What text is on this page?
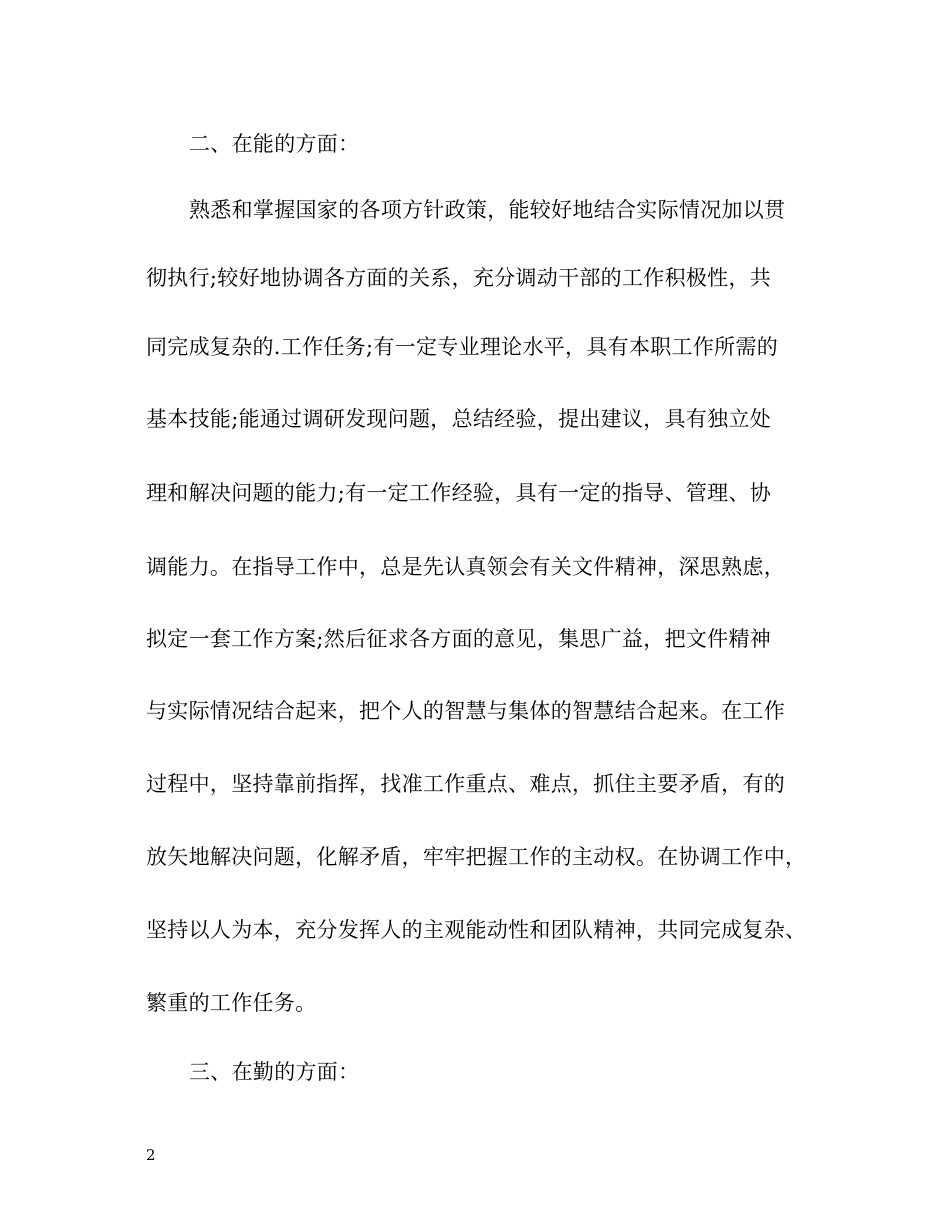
二、在能的方面：
熟悉和掌握国家的各项方针政策，能较好地结合实际情况加以贯
彻执行;较好地协调各方面的关系，充分调动干部的工作积极性，共
同完成复杂的.工作任务;有一定专业理论水平，具有本职工作所需的
基本技能;能通过调研发现问题，总结经验，提出建议，具有独立处
理和解决问题的能力;有一定工作经验，具有一定的指导、管理、协
调能力。在指导工作中，总是先认真领会有关文件精神，深思熟虑，
拟定一套工作方案;然后征求各方面的意见，集思广益，把文件精神
与实际情况结合起来，把个人的智慧与集体的智慧结合起来。在工作
过程中，坚持靠前指挥，找准工作重点、难点，抓住主要矛盾，有的
放矢地解决问题，化解矛盾，牢牢把握工作的主动权。在协调工作中，
坚持以人为本，充分发挥人的主观能动性和团队精神，共同完成复杂、
繁重的工作任务。
三、在勤的方面：
2
